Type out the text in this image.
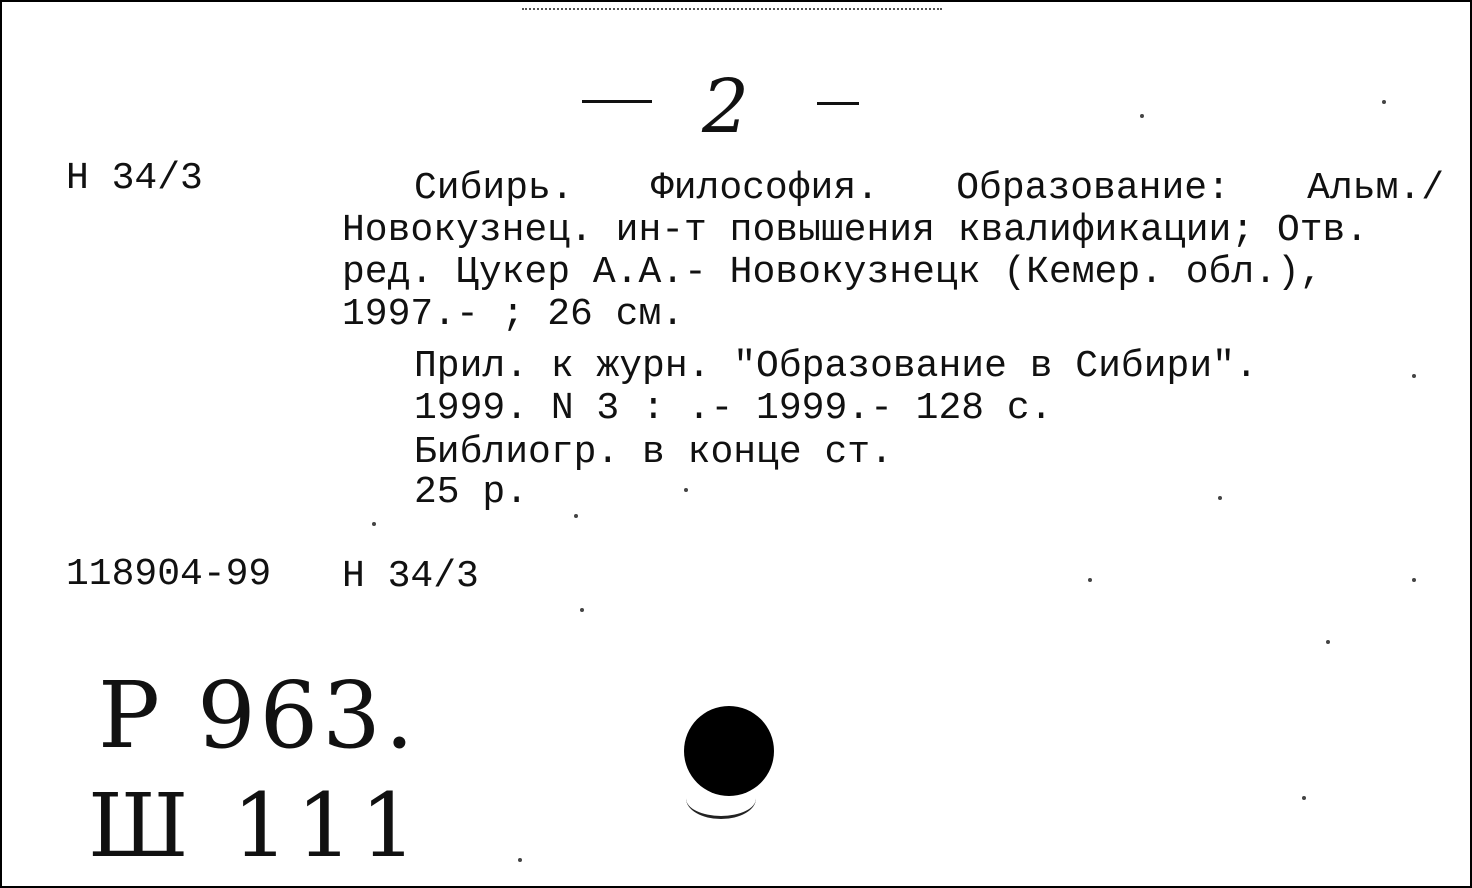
2
Н 34/3	Сибирь. Философия. Образование: Альм./
Новокузнец. ин-т повышения квалификации; Отв.
ред. Цукер А.А.- Новокузнецк (Кемер. обл.),
1997.- ; 26 см.
Прил. к журн. "Образование в Сибири".
1999. N 3 : .- 1999.- 128 с.
Библиогр. в конце ст.
25 р.
118904-99 Н 34/3
Р 963.
Ш 111
